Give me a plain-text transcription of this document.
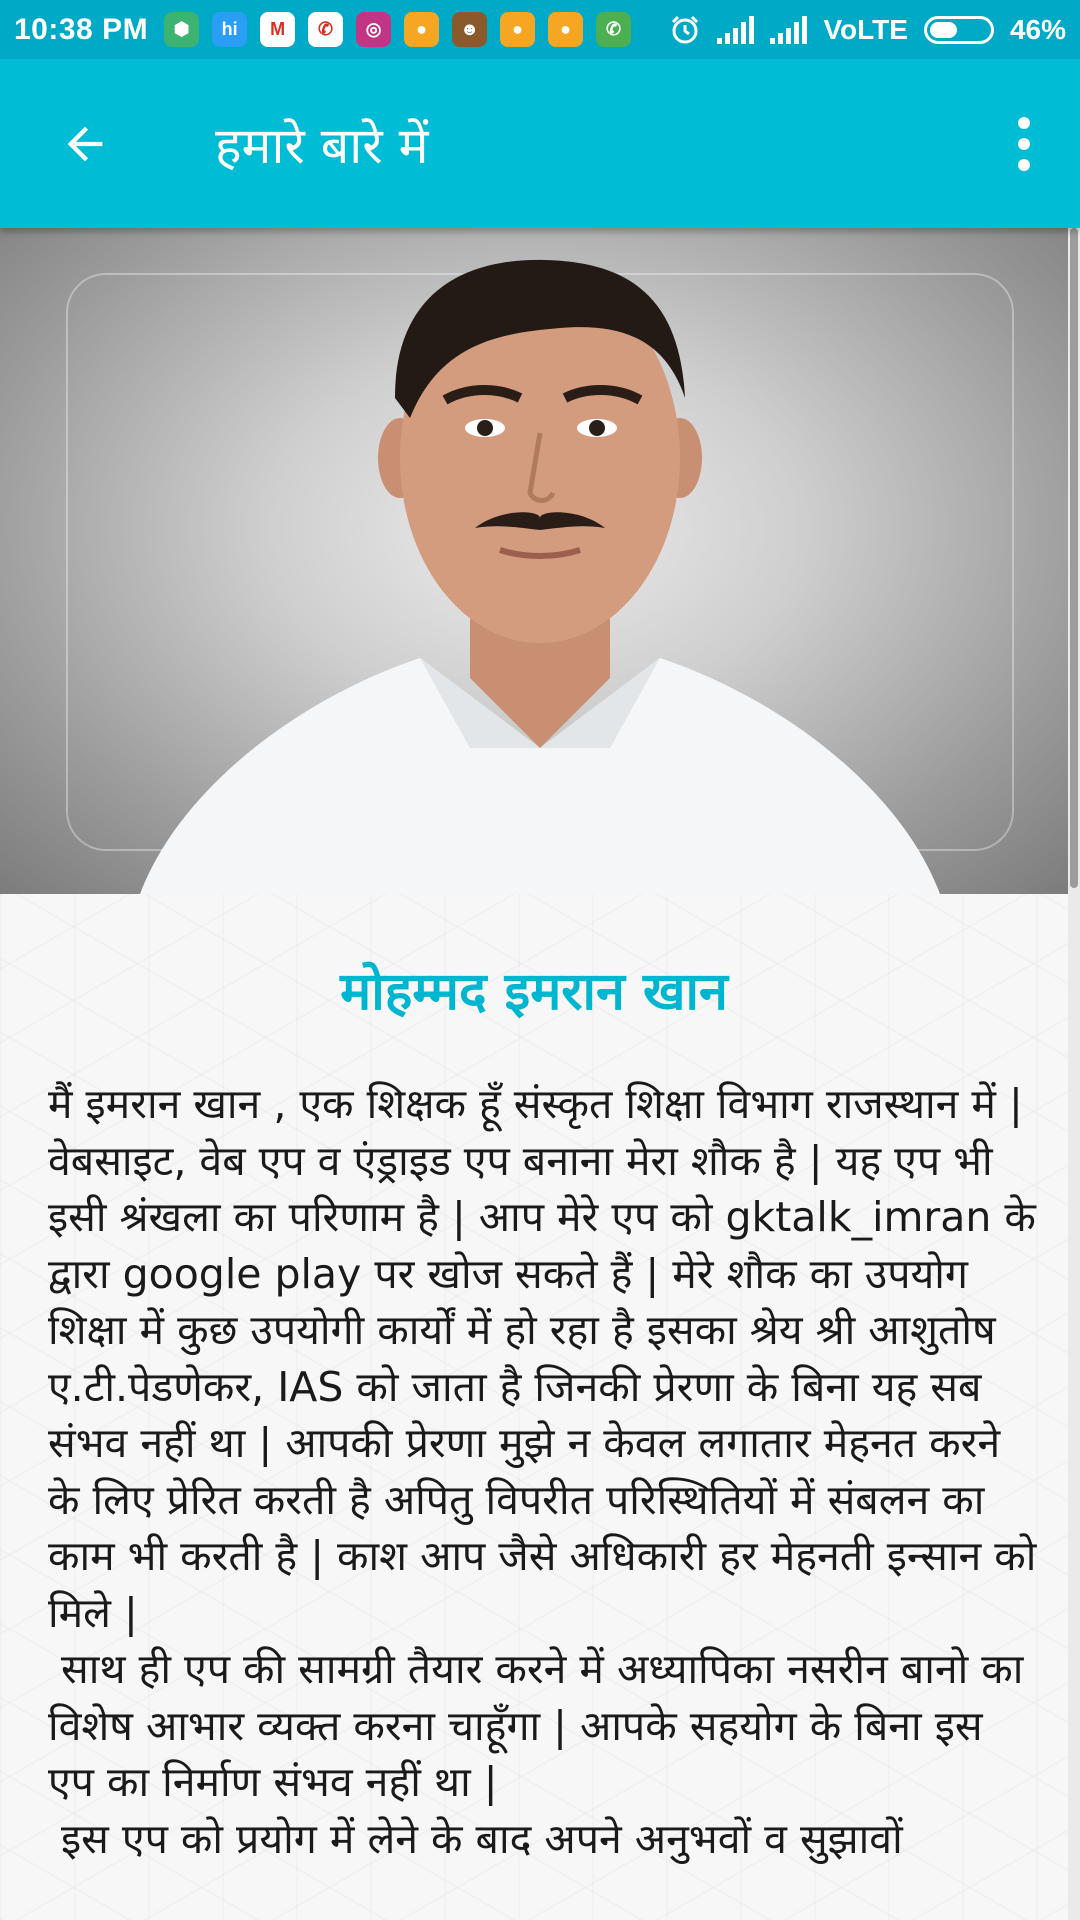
10:38 PM	⬢	hi	M	✆	◎	●	☻	●	●	✆	VoLTE	46%
हमारे बारे में
मोहम्मद इमरान खान
मैं इमरान खान , एक शिक्षक हूँ संस्कृत शिक्षा विभाग राजस्थान में | वेबसाइट, वेब एप व एंड्राइड एप बनाना मेरा शौक है | यह एप भी इसी श्रंखला का परिणाम है | आप मेरे एप को gktalk_imran के द्वारा google play पर खोज सकते हैं | मेरे शौक का उपयोग शिक्षा में कुछ उपयोगी कार्यों में हो रहा है इसका श्रेय श्री आशुतोष ए.टी.पेडणेकर, IAS को जाता है जिनकी प्रेरणा के बिना यह सब संभव नहीं था | आपकी प्रेरणा मुझे न केवल लगातार मेहनत करने के लिए प्रेरित करती है अपितु विपरीत परिस्थितियों में संबलन का काम भी करती है | काश आप जैसे अधिकारी हर मेहनती इन्सान को मिले |
साथ ही एप की सामग्री तैयार करने में अध्यापिका नसरीन बानो का विशेष आभार व्यक्त करना चाहूँगा | आपके सहयोग के बिना इस एप का निर्माण संभव नहीं था |
इस एप को प्रयोग में लेने के बाद अपने अनुभवों व सुझावों
